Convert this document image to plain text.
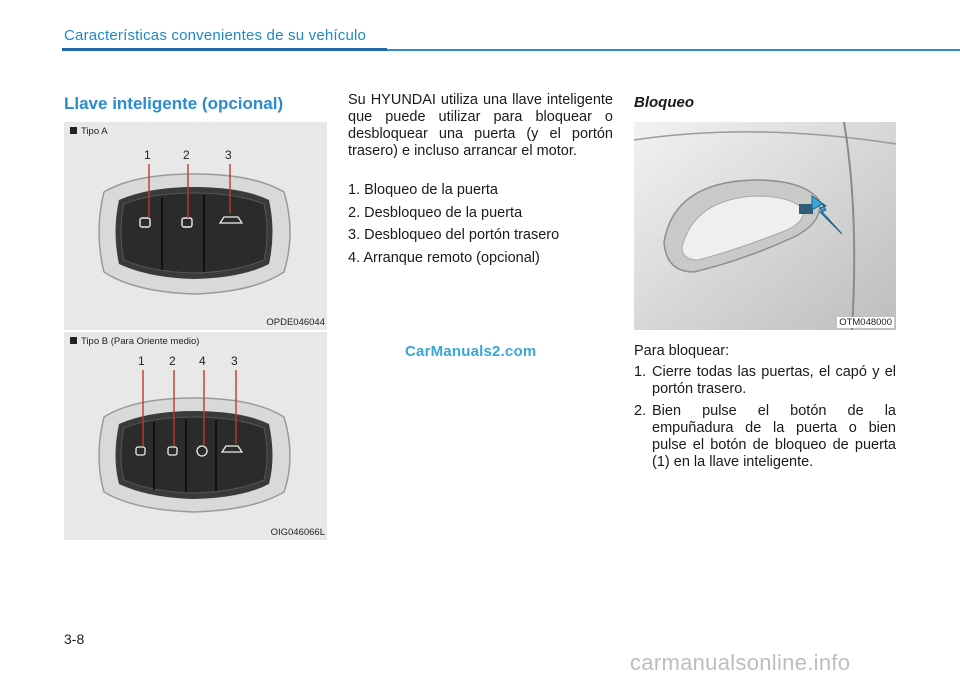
Características convenientes de su vehículo
Llave inteligente (opcional)
Tipo A
1	2	3
OPDE046044
Tipo B (Para Oriente medio)
1 2 4 3
OIG046066L
Su HYUNDAI utiliza una llave inteligente que puede utilizar para bloquear o desbloquear una puerta (y el portón trasero) e incluso arrancar el motor.
1. Bloqueo de la puerta
2. Desbloqueo de la puerta
3. Desbloqueo del portón trasero
4. Arranque remoto (opcional)
CarManuals2.com
Bloqueo
OTM048000
Para bloquear:
1. Cierre todas las puertas, el capó y el portón trasero.
2. Bien pulse el botón de la empuñadura de la puerta o bien pulse el botón de bloqueo de puerta (1) en la llave inteligente.
3-8
carmanualsonline.info
